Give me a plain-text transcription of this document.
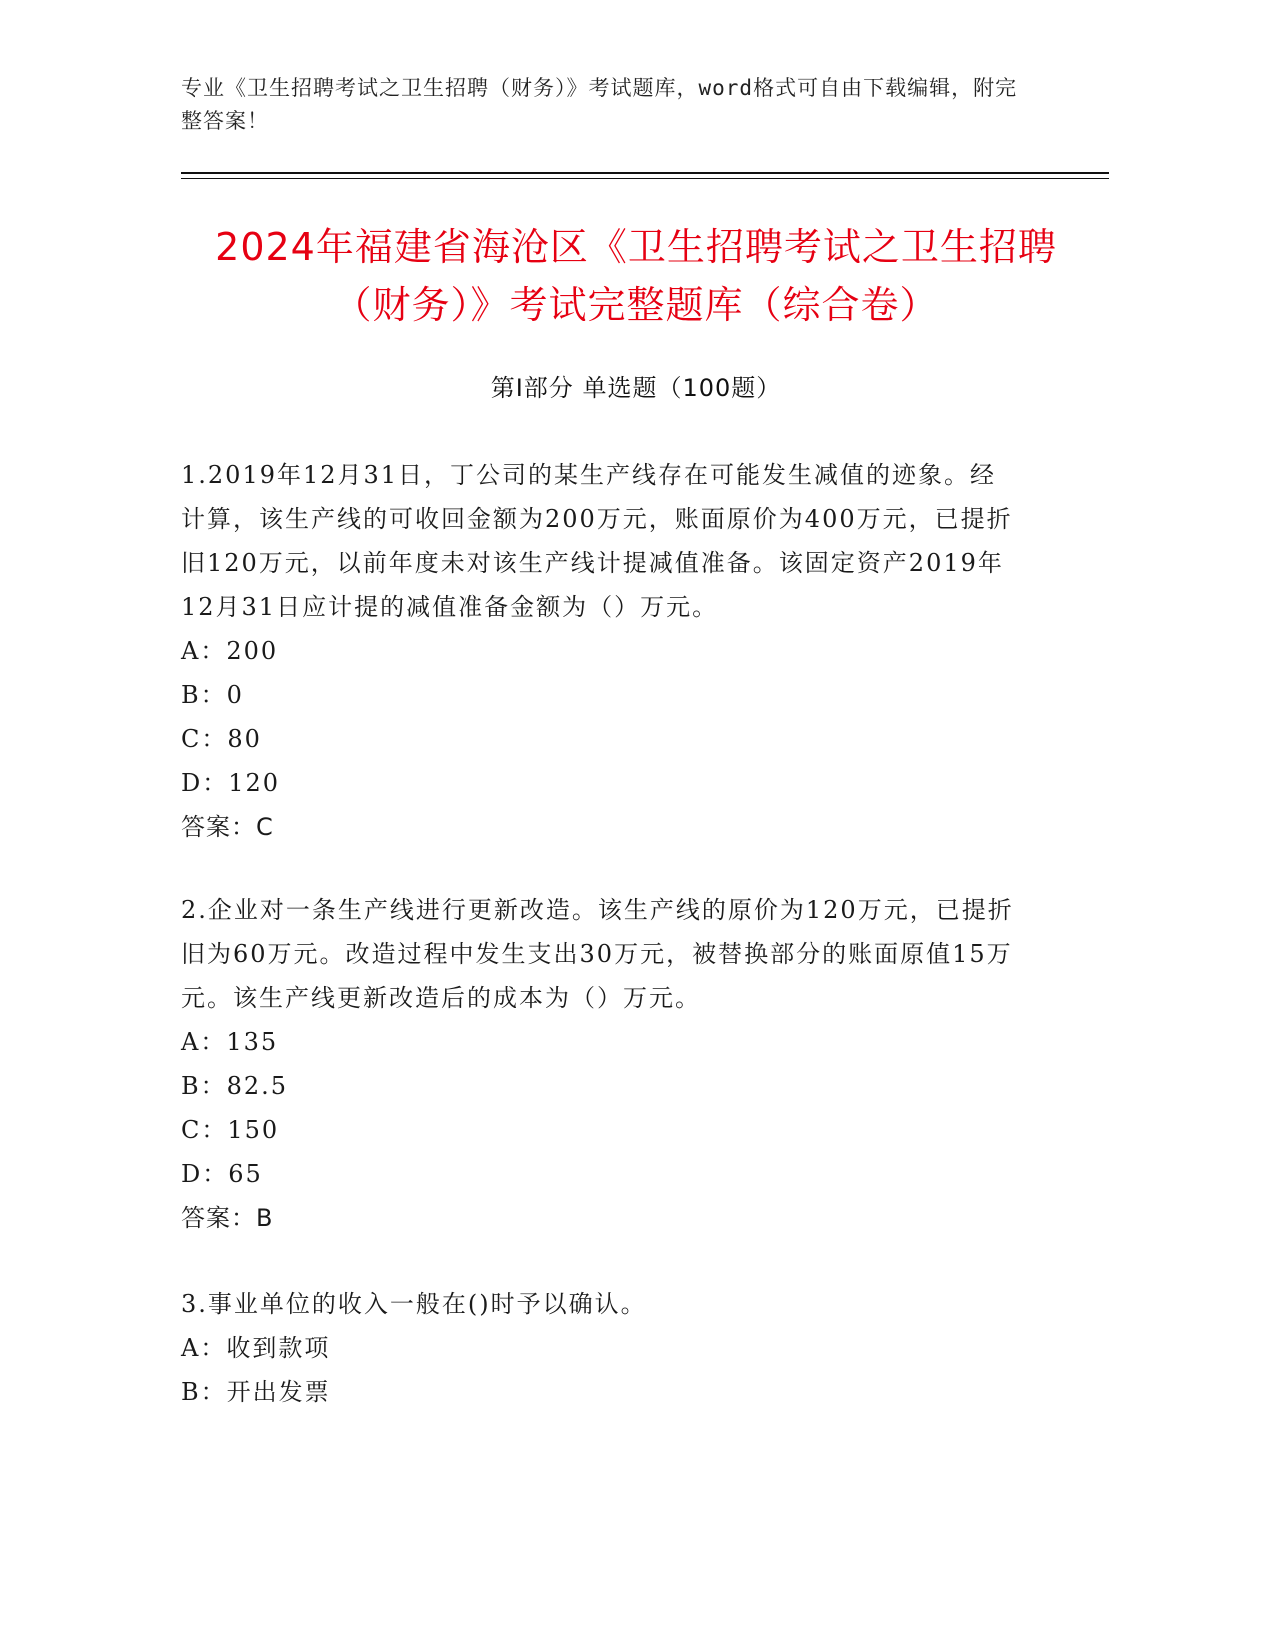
专业《卫生招聘考试之卫生招聘（财务）》考试题库，word格式可自由下载编辑，附完整答案！
2024年福建省海沧区《卫生招聘考试之卫生招聘（财务）》考试完整题库（综合卷）
第Ⅰ部分 单选题（100题）

1.2019年12月31日，丁公司的某生产线存在可能发生减值的迹象。经计算，该生产线的可收回金额为200万元，账面原价为400万元，已提折旧120万元，以前年度未对该生产线计提减值准备。该固定资产2019年12月31日应计提的减值准备金额为（）万元。

A：200

B：0

C：80

D：120

答案：C

2.企业对一条生产线进行更新改造。该生产线的原价为120万元，已提折旧为60万元。改造过程中发生支出30万元，被替换部分的账面原值15万元。该生产线更新改造后的成本为（）万元。

A：135

B：82.5

C：150

D：65

答案：B

3.事业单位的收入一般在()时予以确认。

A：收到款项

B：开出发票
